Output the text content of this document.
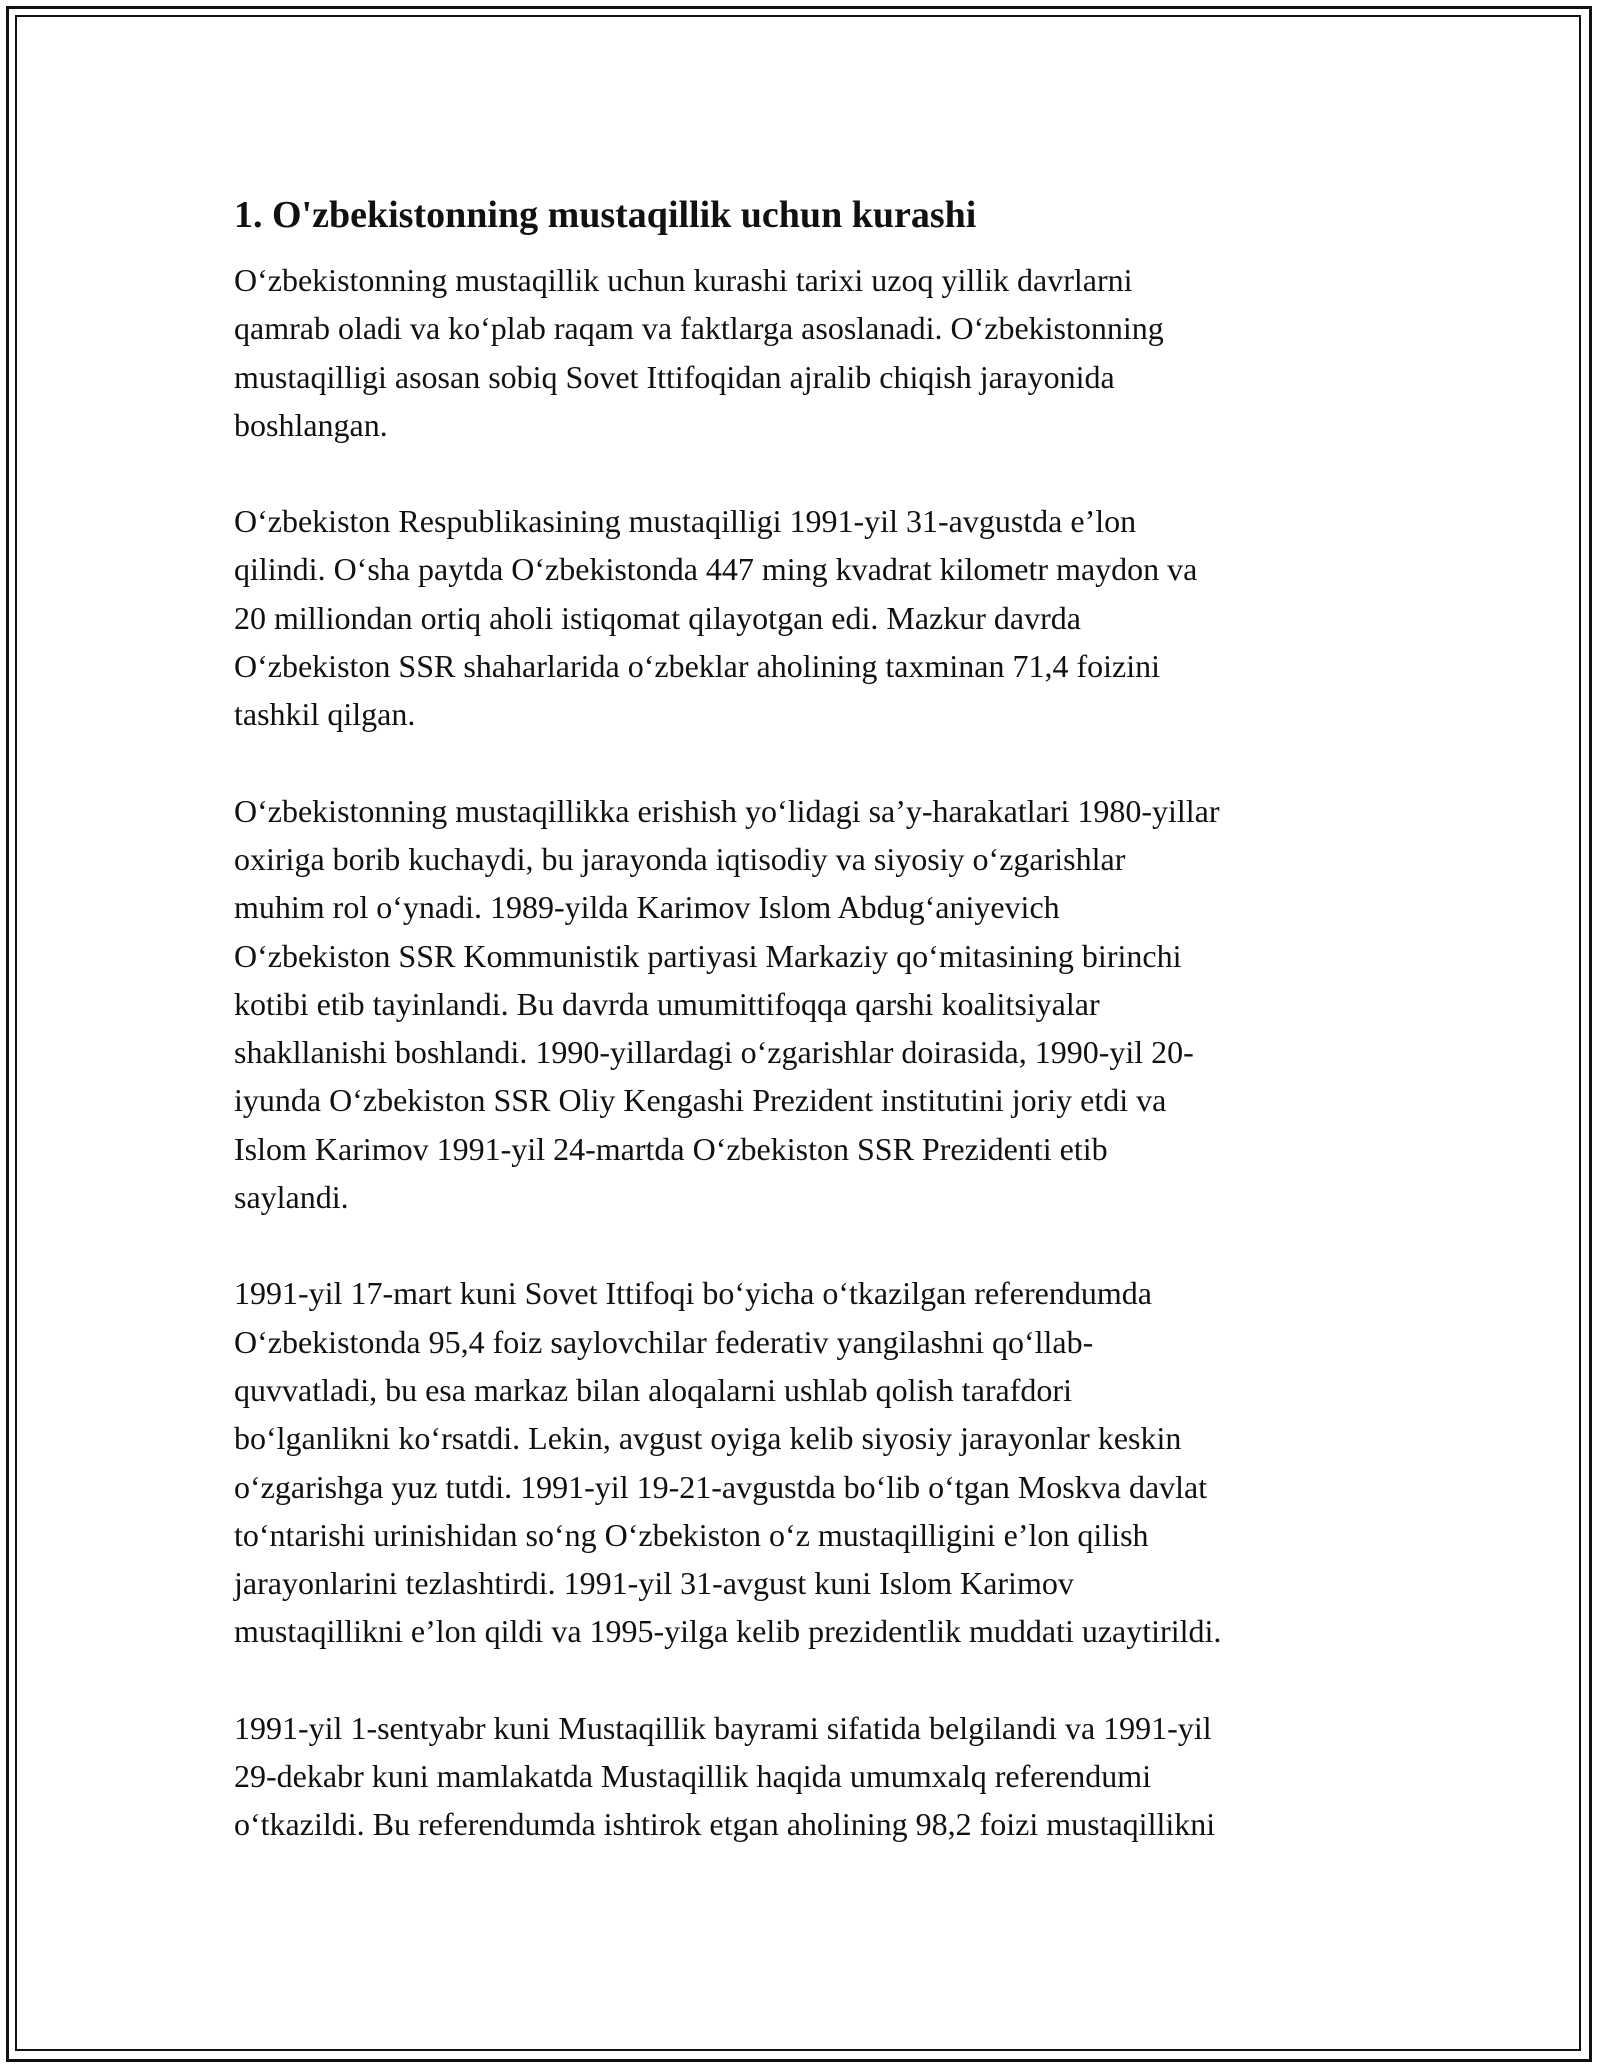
1. O'zbekistonning mustaqillik uchun kurashi

O‘zbekistonning mustaqillik uchun kurashi tarixi uzoq yillik davrlarni
qamrab oladi va ko‘plab raqam va faktlarga asoslanadi. O‘zbekistonning
mustaqilligi asosan sobiq Sovet Ittifoqidan ajralib chiqish jarayonida
boshlangan.

O‘zbekiston Respublikasining mustaqilligi 1991-yil 31-avgustda e’lon
qilindi. O‘sha paytda O‘zbekistonda 447 ming kvadrat kilometr maydon va
20 milliondan ortiq aholi istiqomat qilayotgan edi. Mazkur davrda
O‘zbekiston SSR shaharlarida o‘zbeklar aholining taxminan 71,4 foizini
tashkil qilgan.

O‘zbekistonning mustaqillikka erishish yo‘lidagi sa’y-harakatlari 1980-yillar
oxiriga borib kuchaydi, bu jarayonda iqtisodiy va siyosiy o‘zgarishlar
muhim rol o‘ynadi. 1989-yilda Karimov Islom Abdug‘aniyevich
O‘zbekiston SSR Kommunistik partiyasi Markaziy qo‘mitasining birinchi
kotibi etib tayinlandi. Bu davrda umumittifoqqa qarshi koalitsiyalar
shakllanishi boshlandi. 1990-yillardagi o‘zgarishlar doirasida, 1990-yil 20-
iyunda O‘zbekiston SSR Oliy Kengashi Prezident institutini joriy etdi va
Islom Karimov 1991-yil 24-martda O‘zbekiston SSR Prezidenti etib
saylandi.

1991-yil 17-mart kuni Sovet Ittifoqi bo‘yicha o‘tkazilgan referendumda
O‘zbekistonda 95,4 foiz saylovchilar federativ yangilashni qo‘llab-
quvvatladi, bu esa markaz bilan aloqalarni ushlab qolish tarafdori
bo‘lganlikni ko‘rsatdi. Lekin, avgust oyiga kelib siyosiy jarayonlar keskin
o‘zgarishga yuz tutdi. 1991-yil 19-21-avgustda bo‘lib o‘tgan Moskva davlat
to‘ntarishi urinishidan so‘ng O‘zbekiston o‘z mustaqilligini e’lon qilish
jarayonlarini tezlashtirdi. 1991-yil 31-avgust kuni Islom Karimov
mustaqillikni e’lon qildi va 1995-yilga kelib prezidentlik muddati uzaytirildi.

1991-yil 1-sentyabr kuni Mustaqillik bayrami sifatida belgilandi va 1991-yil
29-dekabr kuni mamlakatda Mustaqillik haqida umumxalq referendumi
o‘tkazildi. Bu referendumda ishtirok etgan aholining 98,2 foizi mustaqillikni
